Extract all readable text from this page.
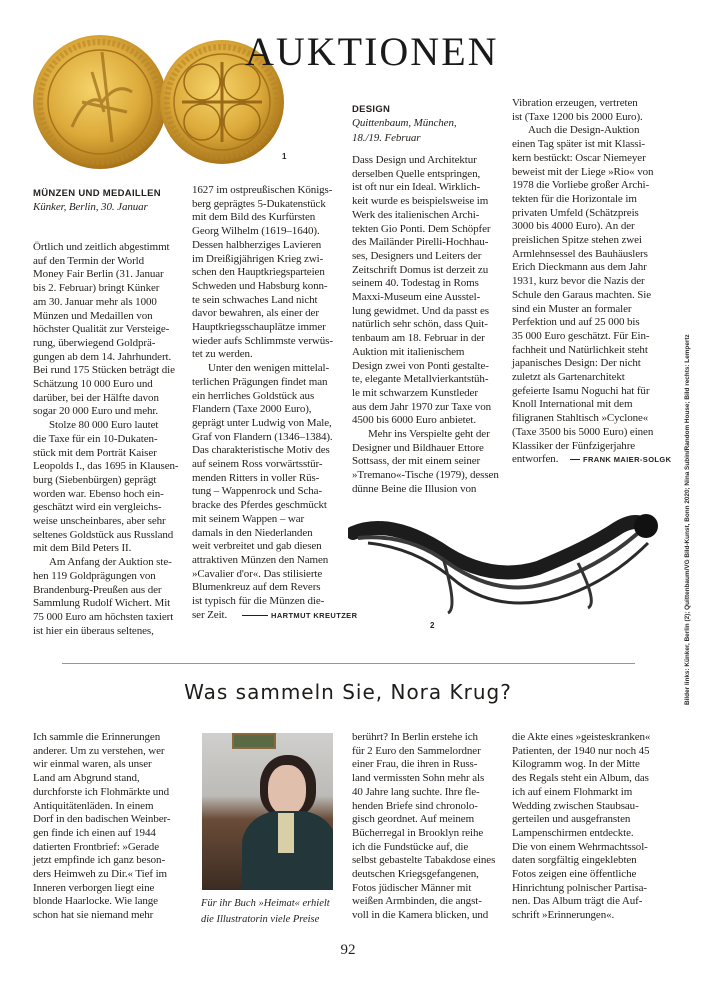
AUKTIONEN
1
MÜNZEN UND MEDAILLEN
Künker, Berlin, 30. Januar

Örtlich und zeitlich abgestimmt
auf den Termin der World
Money Fair Berlin (31. Januar
bis 2. Februar) bringt Künker
am 30. Januar mehr als 1000
Münzen und Medaillen von
höchster Qualität zur Versteige-
rung, überwiegend Goldprä-
gungen ab dem 14. Jahrhundert.
Bei rund 175 Stücken beträgt die
Schätzung 10 000 Euro und
darüber, bei der Hälfte davon
sogar 20 000 Euro und mehr.

Stolze 80 000 Euro lautet
die Taxe für ein 10-Dukaten-
stück mit dem Porträt Kaiser
Leopolds I., das 1695 in Klausen-
burg (Siebenbürgen) geprägt
worden war. Ebenso hoch ein-
geschätzt wird ein vergleichs-
weise unscheinbares, aber sehr
seltenes Goldstück aus Russland
mit dem Bild Peters II.

Am Anfang der Auktion ste-
hen 119 Goldprägungen von
Brandenburg-Preußen aus der
Sammlung Rudolf Wichert. Mit
75 000 Euro am höchsten taxiert
ist hier ein überaus seltenes,

1627 im ostpreußischen Königs-
berg geprägtes 5-Dukatenstück
mit dem Bild des Kurfürsten
Georg Wilhelm (1619–1640).
Dessen halbherziges Lavieren
im Dreißigjährigen Krieg zwi-
schen den Hauptkriegsparteien
Schweden und Habsburg konn-
te sein schwaches Land nicht
davor bewahren, als einer der
Hauptkriegsschauplätze immer
wieder aufs Schlimmste verwüs-
tet zu werden.

Unter den wenigen mittelal-
terlichen Prägungen findet man
ein herrliches Goldstück aus
Flandern (Taxe 2000 Euro),
geprägt unter Ludwig von Male,
Graf von Flandern (1346–1384).
Das charakteristische Motiv des
auf seinem Ross vorwärtsstür-
menden Ritters in voller Rüs-
tung – Wappenrock und Scha-
bracke des Pferdes geschmückt
mit seinem Wappen – war
damals in den Niederlanden
weit verbreitet und gab diesen
attraktiven Münzen den Namen
»Cavalier d'or«. Das stilisierte
Blumenkreuz auf dem Revers
ist typisch für die Münzen die-
ser Zeit.	HARTMUT KREUTZER
DESIGN
Quittenbaum, München,
18./19. Februar

Dass Design und Architektur
derselben Quelle entspringen,
ist oft nur ein Ideal. Wirklich-
keit wurde es beispielsweise im
Werk des italienischen Archi-
tekten Gio Ponti. Dem Schöpfer
des Mailänder Pirelli-Hochhau-
ses, Designers und Leiters der
Zeitschrift Domus ist derzeit zu
seinem 40. Todestag in Roms
Maxxi-Museum eine Ausstel-
lung gewidmet. Und da passt es
natürlich sehr schön, dass Quit-
tenbaum am 18. Februar in der
Auktion mit italienischem
Design zwei von Ponti gestalte-
te, elegante Metallvierkantstüh-
le mit schwarzem Kunstleder
aus dem Jahr 1970 zur Taxe von
4500 bis 6000 Euro anbietet.

Mehr ins Verspielte geht der
Designer und Bildhauer Ettore
Sottsass, der mit einem seiner
»Tremano«-Tische (1979), dessen
dünne Beine die Illusion von

Vibration erzeugen, vertreten
ist (Taxe 1200 bis 2000 Euro).

Auch die Design-Auktion
einen Tag später ist mit Klassi-
kern bestückt: Oscar Niemeyer
beweist mit der Liege »Rio« von
1978 die Vorliebe großer Archi-
tekten für die Horizontale im
privaten Umfeld (Schätzpreis
3000 bis 4000 Euro). An der
preislichen Spitze stehen zwei
Armlehnsessel des Bauhäuslers
Erich Dieckmann aus dem Jahr
1931, kurz bevor die Nazis der
Schule den Garaus machten. Sie
sind ein Muster an formaler
Perfektion und auf 25 000 bis
35 000 Euro geschätzt. Für Ein-
fachheit und Natürlichkeit steht
japanisches Design: Der nicht
zuletzt als Gartenarchitekt
gefeierte Isamu Noguchi hat für
Knoll International mit dem
filigranen Stahltisch »Cyclone«
(Taxe 3500 bis 5000 Euro) einen
Klassiker der Fünfzigerjahre
entworfen.	FRANK MAIER-SOLGK
2
Was sammeln Sie, Nora Krug?

Ich sammle die Erinnerungen
anderer. Um zu verstehen, wer
wir einmal waren, als unser
Land am Abgrund stand,
durchforste ich Flohmärkte und
Antiquitätenläden. In einem
Dorf in den badischen Weinber-
gen finde ich einen auf 1944
datierten Frontbrief: »Gerade
jetzt empfinde ich ganz beson-
ders Heimweh zu Dir.« Tief im
Inneren verborgen liegt eine
blonde Haarlocke. Wie lange
schon hat sie niemand mehr

Für ihr Buch »Heimat« erhielt
die Illustratorin viele Preise

berührt? In Berlin erstehe ich
für 2 Euro den Sammelordner
einer Frau, die ihren in Russ-
land vermissten Sohn mehr als
40 Jahre lang suchte. Ihre fle-
henden Briefe sind chronolo-
gisch geordnet. Auf meinem
Bücherregal in Brooklyn reihe
ich die Fundstücke auf, die
selbst gebastelte Tabakdose eines
deutschen Kriegsgefangenen,
Fotos jüdischer Männer mit
weißen Armbinden, die angst-
voll in die Kamera blicken, und

die Akte eines »geisteskranken«
Patienten, der 1940 nur noch 45
Kilogramm wog. In der Mitte
des Regals steht ein Album, das
ich auf einem Flohmarkt im
Wedding zwischen Staubsau-
gerteilen und ausgefransten
Lampenschirmen entdeckte.
Die von einem Wehrmachtssol-
daten sorgfältig eingeklebten
Fotos zeigen eine öffentliche
Hinrichtung polnischer Partisa-
nen. Das Album trägt die Auf-
schrift »Erinnerungen«.

92
Bilder links: Künker, Berlin (2); Quittenbaum/VG Bild-Kunst, Bonn 2020; Nina Subin/Random House; Bild rechts: Lempertz
